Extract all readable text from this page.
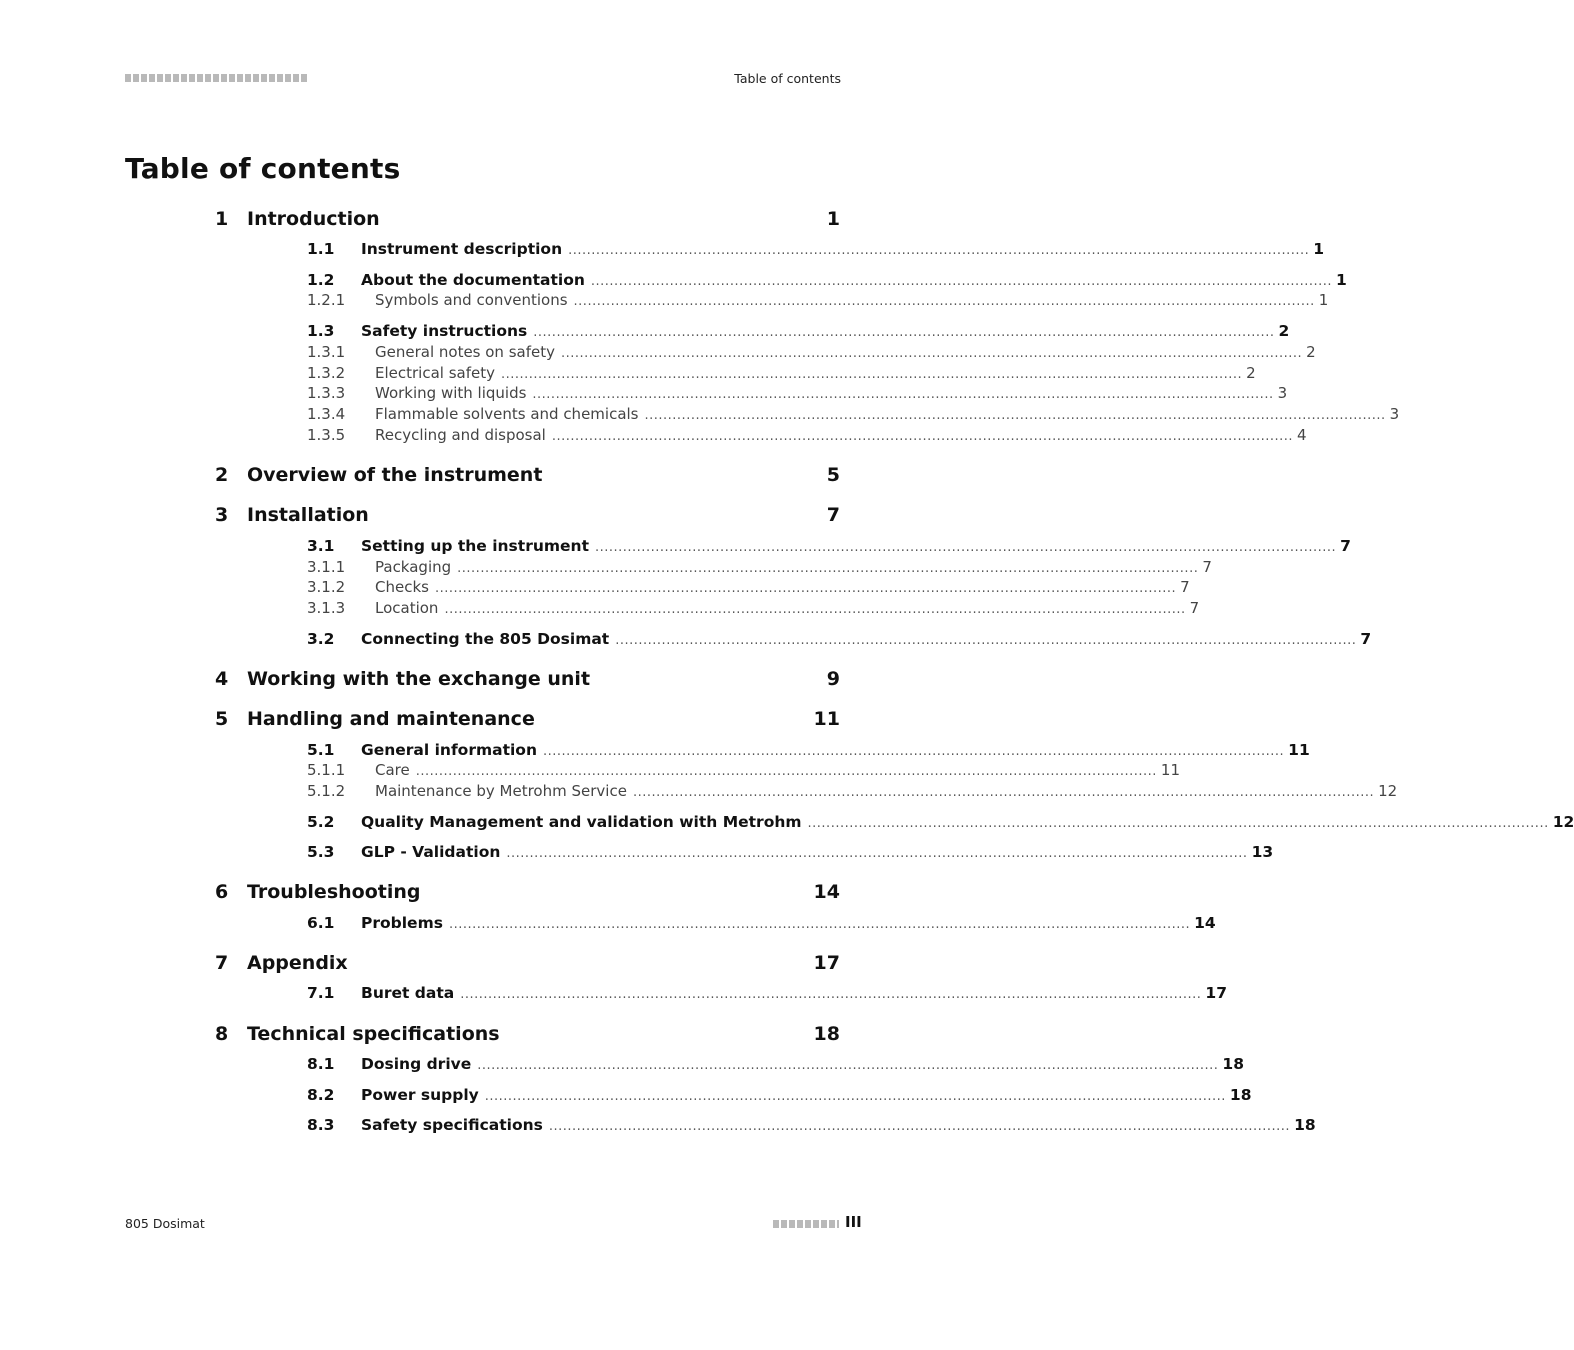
Table of contents
Table of contents
1 Introduction	1
1.1 Instrument description ................................................................................................................................................................ 1
1.2 About the documentation ................................................................................................................................................................ 1
1.2.1 Symbols and conventions ................................................................................................................................................................ 1
1.3 Safety instructions ................................................................................................................................................................ 2
1.3.1 General notes on safety ................................................................................................................................................................ 2
1.3.2 Electrical safety ................................................................................................................................................................ 2
1.3.3 Working with liquids ................................................................................................................................................................ 3
1.3.4 Flammable solvents and chemicals ................................................................................................................................................................ 3
1.3.5 Recycling and disposal ................................................................................................................................................................ 4
2 Overview of the instrument	5
3 Installation	7
3.1 Setting up the instrument ................................................................................................................................................................ 7
3.1.1 Packaging ................................................................................................................................................................ 7
3.1.2 Checks ................................................................................................................................................................ 7
3.1.3 Location ................................................................................................................................................................ 7
3.2 Connecting the 805 Dosimat ................................................................................................................................................................ 7
4 Working with the exchange unit	9
5 Handling and maintenance	11
5.1 General information ................................................................................................................................................................ 11
5.1.1 Care ................................................................................................................................................................ 11
5.1.2 Maintenance by Metrohm Service ................................................................................................................................................................ 12
5.2 Quality Management and validation with Metrohm ................................................................................................................................................................ 12
5.3 GLP - Validation ................................................................................................................................................................ 13
6 Troubleshooting	14
6.1 Problems ................................................................................................................................................................ 14
7 Appendix	17
7.1 Buret data ................................................................................................................................................................ 17
8 Technical specifications	18
8.1 Dosing drive ................................................................................................................................................................ 18
8.2 Power supply ................................................................................................................................................................ 18
8.3 Safety specifications ................................................................................................................................................................ 18
805 Dosimat	III
